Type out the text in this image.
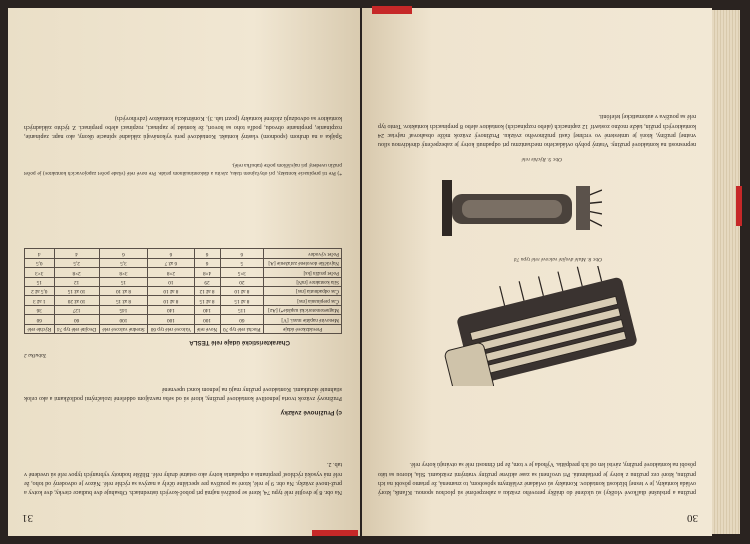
31

Na obr. 8 je dvojité relé typu 74, které se používá najmä pri poboč-kových ústredniach. Obsahuje dve budiace cievky, dve kotvy a pruž-inové zväzky. Na obr. 9 je relé, ktoré sa používa pre speciálne účely a nazýva sa rýchle relé. Názov je odvodený od toho, že relé má vysokú rýchlosť prepínania a odpadania kotvy ako ostatné druhy relé. Bližšie hodnoty vybraných typov relé sú uvedené v tab. 2.

c) Pružinové zväzky

Pružinový zväzok tvoria jednotlivé kontaktové pružiny, ktoré sú od seba navzájom oddelené izolačnými podložkami a ako celok stiahnuté skrutkami. Kontaktové pružiny majú na jednom konci upevnené

Tabuľka 2
Charakteristické údaje relé TESLA
Prevádzkové údaje	Plochá relé typ 70	Nové relé	Valcové relé typ 60	Stredné valcové relé	Dvojité relé typ 74	Rýchle relé
Menovité napätie maxi. [V]	60	100	100	100	60	60
Magnetomotorická napätie*) [Az]	115	140	140	145	127	36
Čas prepínania [ms]	8 až 15	8 až 15	8 až 10	8 až 15	10 až 20	1 až 3
Čas odpadnutia [ms]	8 až 10	8 až 12	8 až 10	8 až 10	10 až 15	0,5 až 2
Sila kontaktov [mN]	20	29	10	15	12	15
Počet pružín [ks]	3×5	4×8	2×8	3×8	2×8	3×3
Najväčšie dovolené zaťaženie [A]	5	6	6 až 7	3,5	2,5	0,5
Počet vývodov	6	6	6	6	4	4

*) Pre tri prepínacie kontakty, pri obyčajnom tlaku, závitu a diskontinuálnom prúde. Pre nové relé (všade počet zapojovacích kontaktov) je počet pružín uvedený pri najväčšom počte (tabuľka relé).

Spájka a na druhom (spodnom) vlastný kontakt. Kontaktové perá vykonávajú základné spínacie úkony, ako napr. zapínanie, rozpínanie, prepínanie obvodu, podľa toho sa hovorí, že kontakt je zapínací, rozpínací alebo prepínací. Z týchto základných kontaktov sa odvodzujú zložené kontakty (pozri tab. 3). Konštrukcia kontaktov (zdvíhových)

30

pružina a prislušné diaľkové vložky) sú uložené do drážky perového zväzku a zabezpečené sú plochou sponou. Kľanik, ktorý ovláda kontakty, je v tesnej blízkosti kontaktov. Kontakty sú ovládané zvláštnym spôsobom, to znamená, že priamo pôsobí na ich pružinu, ktoré cez pružinu z kotvy je pretiahnutá. Pri uvoľnení sa zase aktívne pružiny vratnými zväzkami. Sila, ktorou sa táto pôsobí na kontaktové pružiny, závisí len od ich predpätia. Výhoda je v tom, že pri činnosti relé sa otvárajú kotvy relé.

Obr. 8. Malé dvojité valcové relé typu 74
Obr. 9. Rýchle relé

nepresnosti na kontaktové pružiny. Vratný pohyb ovládacieho mechanizmu pri odpadnutí kotvy je zabezpečený direktívnou silou vratnej pružiny, ktorá je umiestené vo vrchnej časti pružinového zväzku. Pružinový zväzok môže obsahovať najviac 24 kontaktových pružín, takže možno zostaviť 12 zapínacích (alebo rozpínacích) kontaktov alebo 8 prepínacích kontaktov. Tento typ relé sa používa v automatickej telefónii.
